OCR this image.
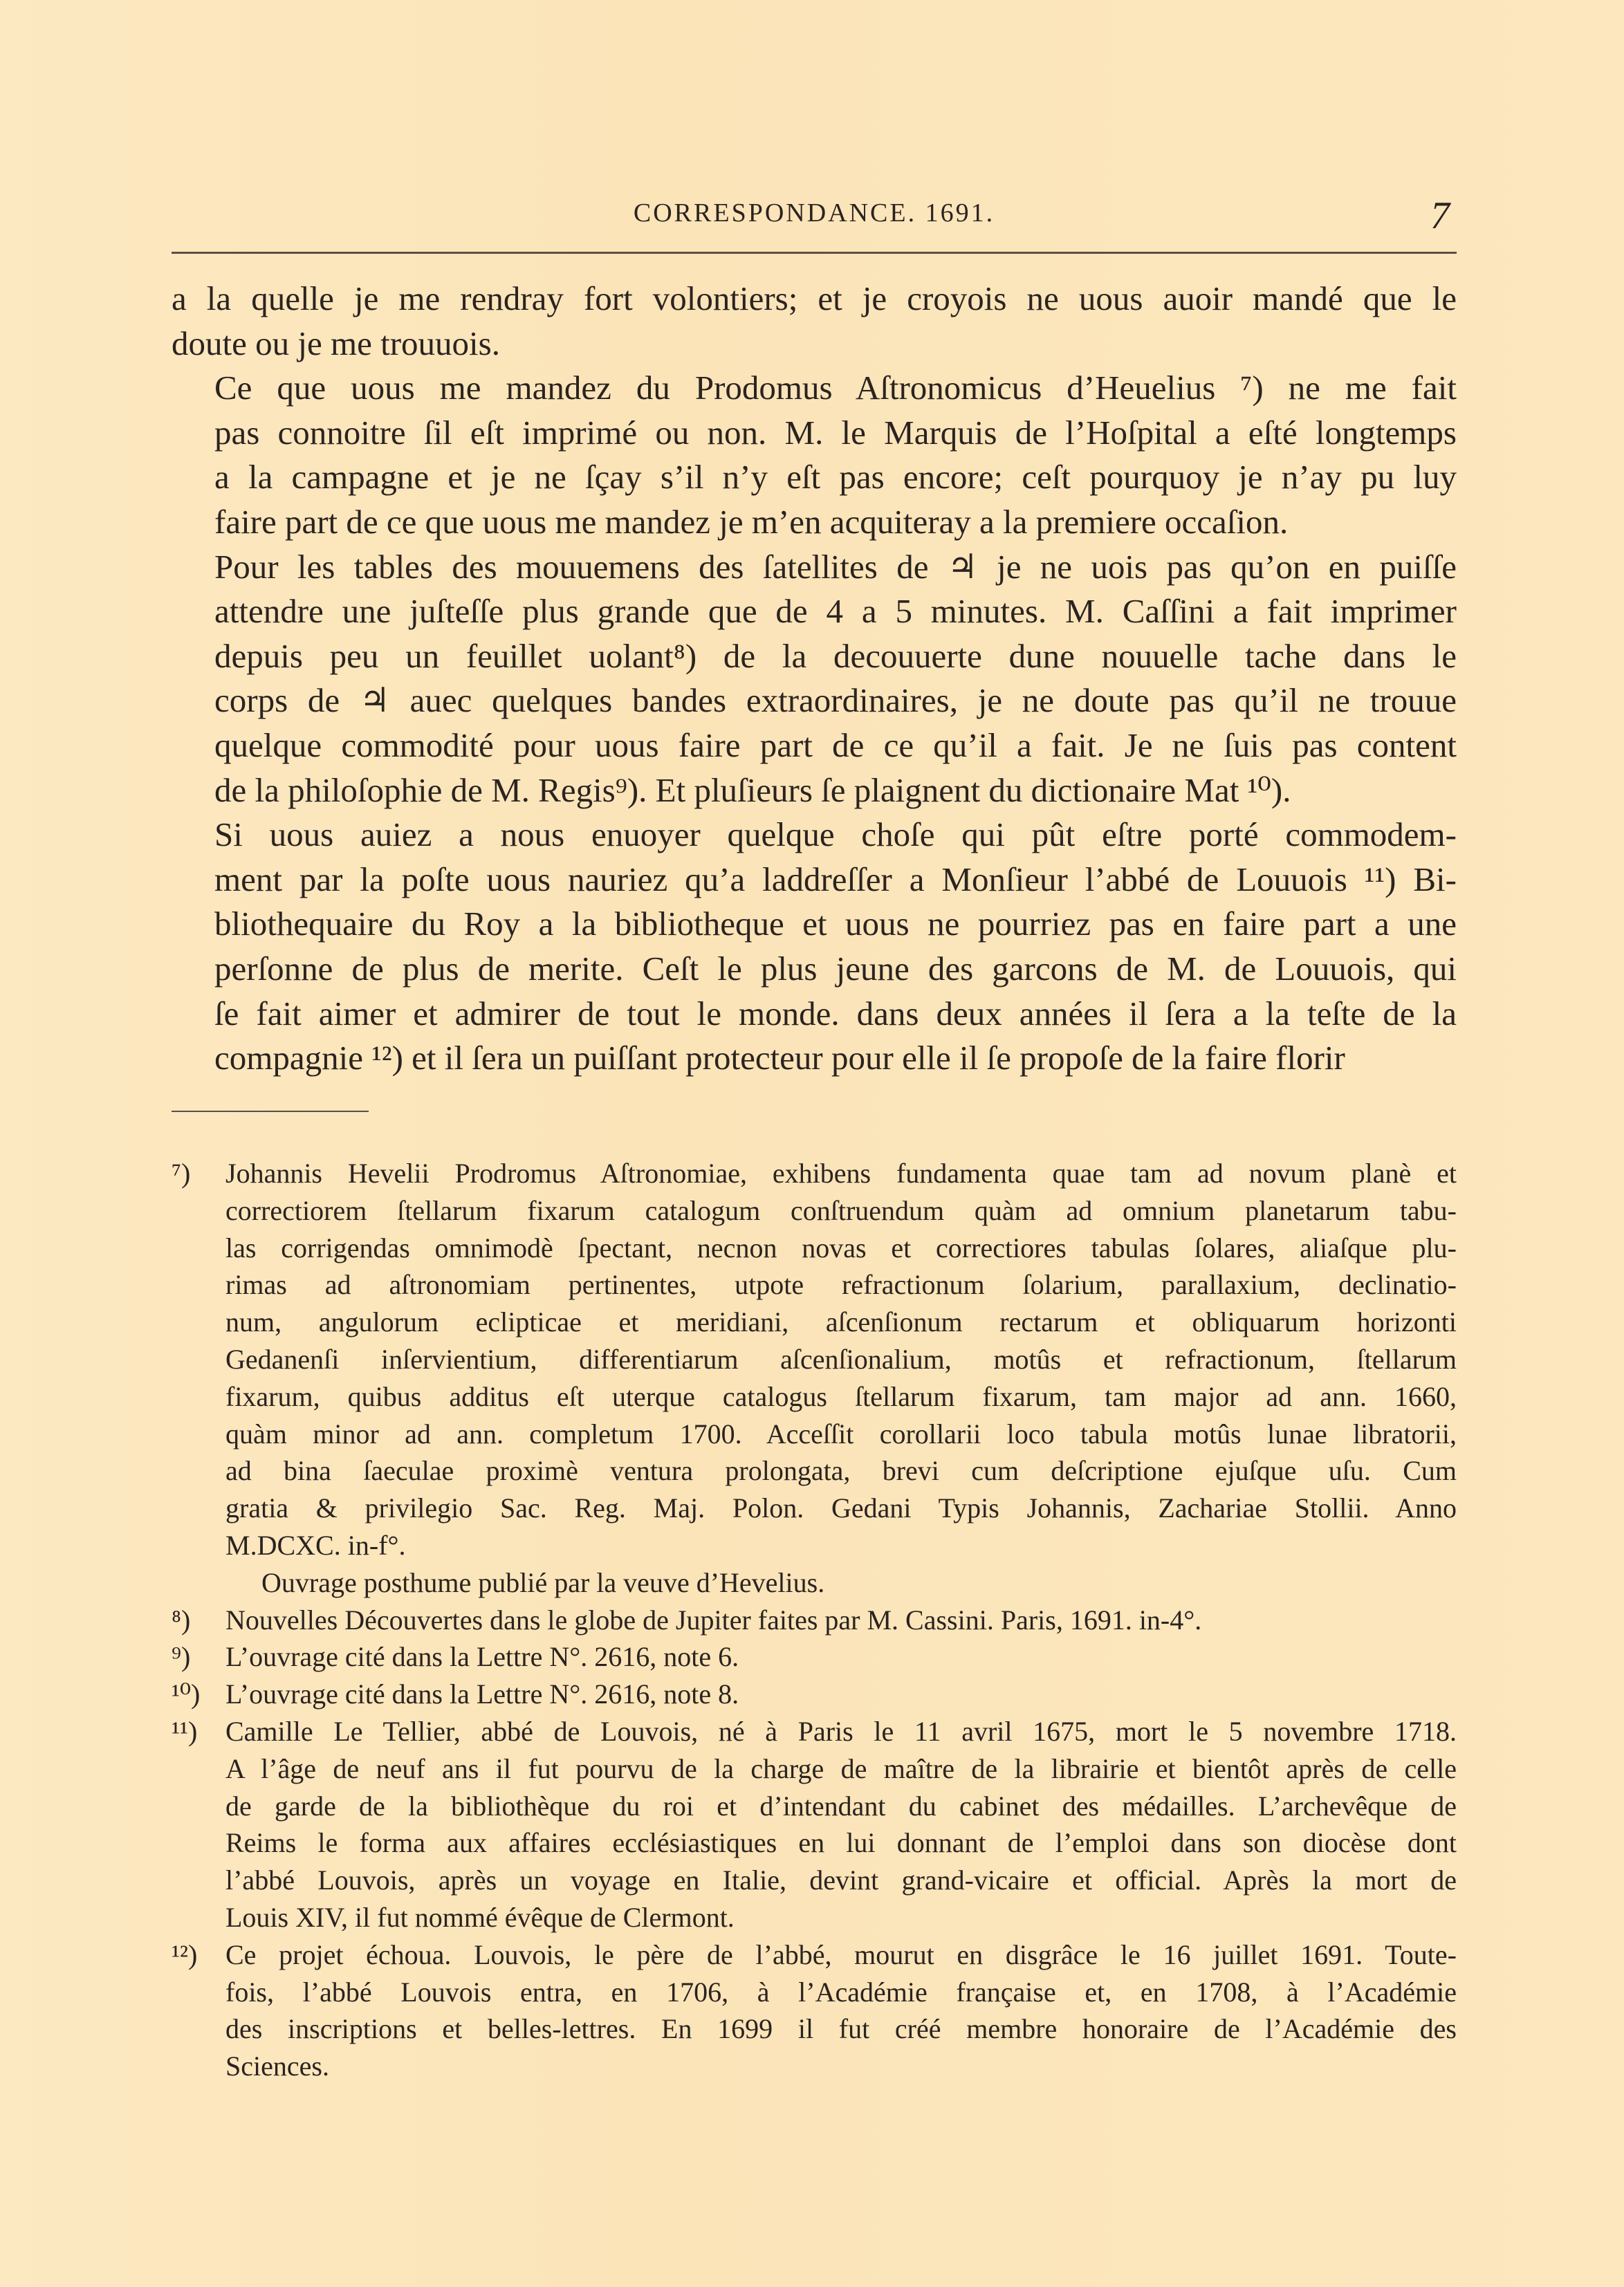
CORRESPONDANCE. 1691.	7

a la quelle je me rendray fort volontiers; et je croyois ne uous auoir mandé que le
doute ou je me trouuois.

Ce que uous me mandez du Prodomus Aſtronomicus d’Heuelius ⁷) ne me fait
pas connoitre ſil eſt imprimé ou non. M. le Marquis de l’Hoſpital a eſté longtemps
a la campagne et je ne ſçay s’il n’y eſt pas encore; ceſt pourquoy je n’ay pu luy
faire part de ce que uous me mandez je m’en acquiteray a la premiere occaſion.

Pour les tables des mouuemens des ſatellites de ♃ je ne uois pas qu’on en puiſſe
attendre une juſteſſe plus grande que de 4 a 5 minutes. M. Caſſini a fait imprimer
depuis peu un feuillet uolant⁸) de la decouuerte dune nouuelle tache dans le
corps de ♃ auec quelques bandes extraordinaires, je ne doute pas qu’il ne trouue
quelque commodité pour uous faire part de ce qu’il a fait. Je ne ſuis pas content
de la philoſophie de M. Regis⁹). Et pluſieurs ſe plaignent du dictionaire Mat ¹⁰).

Si uous auiez a nous enuoyer quelque choſe qui pût eſtre porté commodem-
ment par la poſte uous nauriez qu’a laddreſſer a Monſieur l’abbé de Louuois ¹¹) Bi-
bliothequaire du Roy a la bibliotheque et uous ne pourriez pas en faire part a une
perſonne de plus de merite. Ceſt le plus jeune des garcons de M. de Louuois, qui
ſe fait aimer et admirer de tout le monde. dans deux années il ſera a la teſte de la
compagnie ¹²) et il ſera un puiſſant protecteur pour elle il ſe propoſe de la faire florir

⁷) Johannis Hevelii Prodromus Aſtronomiae, exhibens fundamenta quae tam ad novum planè et
correctiorem ſtellarum fixarum catalogum conſtruendum quàm ad omnium planetarum tabu-
las corrigendas omnimodè ſpectant, necnon novas et correctiores tabulas ſolares, aliaſque plu-
rimas ad aſtronomiam pertinentes, utpote refractionum ſolarium, parallaxium, declinatio-
num, angulorum eclipticae et meridiani, aſcenſionum rectarum et obliquarum horizonti
Gedanenſi inſervientium, differentiarum aſcenſionalium, motûs et refractionum, ſtellarum
fixarum, quibus additus eſt uterque catalogus ſtellarum fixarum, tam major ad ann. 1660,
quàm minor ad ann. completum 1700. Acceſſit corollarii loco tabula motûs lunae libratorii,
ad bina ſaeculae proximè ventura prolongata, brevi cum deſcriptione ejuſque uſu. Cum
gratia & privilegio Sac. Reg. Maj. Polon. Gedani Typis Johannis, Zachariae Stollii. Anno
M.DCXC. in-f°.
Ouvrage posthume publié par la veuve d’Hevelius.
⁸) Nouvelles Découvertes dans le globe de Jupiter faites par M. Cassini. Paris, 1691. in-4°.
⁹) L’ouvrage cité dans la Lettre N°. 2616, note 6.
¹⁰) L’ouvrage cité dans la Lettre N°. 2616, note 8.
¹¹) Camille Le Tellier, abbé de Louvois, né à Paris le 11 avril 1675, mort le 5 novembre 1718.
A l’âge de neuf ans il fut pourvu de la charge de maître de la librairie et bientôt après de celle
de garde de la bibliothèque du roi et d’intendant du cabinet des médailles. L’archevêque de
Reims le forma aux affaires ecclésiastiques en lui donnant de l’emploi dans son diocèse dont
l’abbé Louvois, après un voyage en Italie, devint grand-vicaire et official. Après la mort de
Louis XIV, il fut nommé évêque de Clermont.
¹²) Ce projet échoua. Louvois, le père de l’abbé, mourut en disgrâce le 16 juillet 1691. Toute-
fois, l’abbé Louvois entra, en 1706, à l’Académie française et, en 1708, à l’Académie
des inscriptions et belles-lettres. En 1699 il fut créé membre honoraire de l’Académie des
Sciences.
